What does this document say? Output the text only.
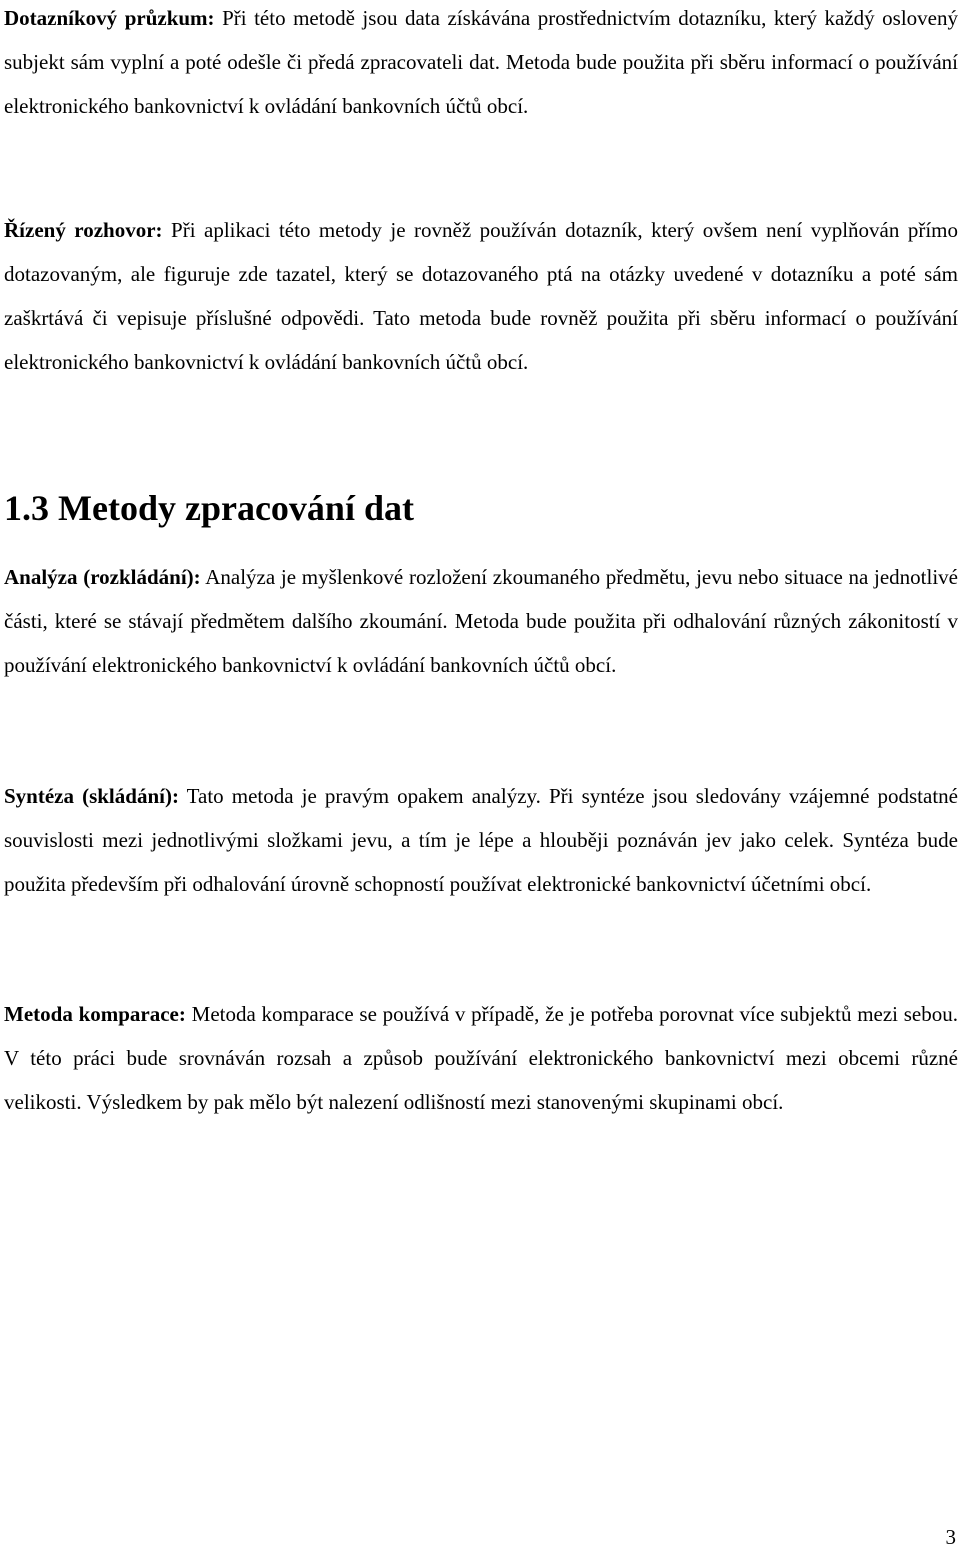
Dotazníkový průzkum: Při této metodě jsou data získávána prostřednictvím dotazníku, který každý oslovený subjekt sám vyplní a poté odešle či předá zpracovateli dat. Metoda bude použita při sběru informací o používání elektronického bankovnictví k ovládání bankovních účtů obcí.

Řízený rozhovor: Při aplikaci této metody je rovněž používán dotazník, který ovšem není vyplňován přímo dotazovaným, ale figuruje zde tazatel, který se dotazovaného ptá na otázky uvedené v dotazníku a poté sám zaškrtává či vepisuje příslušné odpovědi. Tato metoda bude rovněž použita při sběru informací o používání elektronického bankovnictví k ovládání bankovních účtů obcí.

1.3 Metody zpracování dat

Analýza (rozkládání): Analýza je myšlenkové rozložení zkoumaného předmětu, jevu nebo situace na jednotlivé části, které se stávají předmětem dalšího zkoumání. Metoda bude použita při odhalování různých zákonitostí v používání elektronického bankovnictví k ovládání bankovních účtů obcí.

Syntéza (skládání): Tato metoda je pravým opakem analýzy. Při syntéze jsou sledovány vzájemné podstatné souvislosti mezi jednotlivými složkami jevu, a tím je lépe a hlouběji poznáván jev jako celek. Syntéza bude použita především při odhalování úrovně schopností používat elektronické bankovnictví účetními obcí.

Metoda komparace: Metoda komparace se používá v případě, že je potřeba porovnat více subjektů mezi sebou. V této práci bude srovnáván rozsah a způsob používání elektronického bankovnictví mezi obcemi různé velikosti. Výsledkem by pak mělo být nalezení odlišností mezi stanovenými skupinami obcí.

3
